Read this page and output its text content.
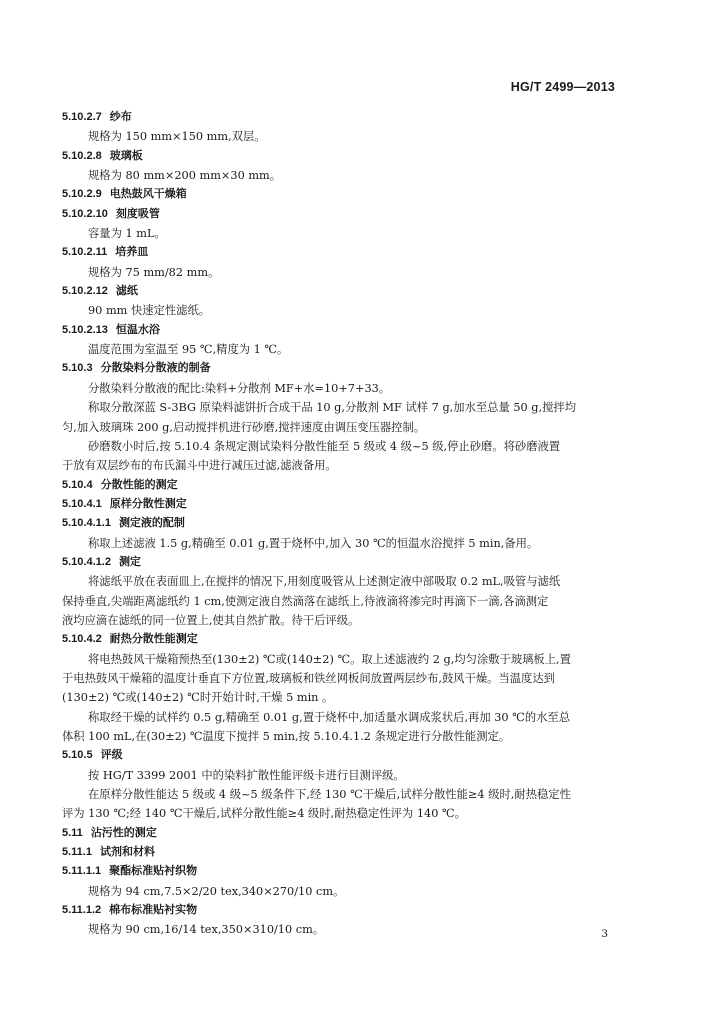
HG/T 2499—2013
5.10.2.7 纱布
规格为 150 mm×150 mm,双层。
5.10.2.8 玻璃板
规格为 80 mm×200 mm×30 mm。
5.10.2.9 电热鼓风干燥箱
5.10.2.10 刻度吸管
容量为 1 mL。
5.10.2.11 培养皿
规格为 75 mm/82 mm。
5.10.2.12 滤纸
90 mm 快速定性滤纸。
5.10.2.13 恒温水浴
温度范围为室温至 95 ℃,精度为 1 ℃。
5.10.3 分散染料分散液的制备
分散染料分散液的配比:染料+分散剂 MF+水=10+7+33。
称取分散深蓝 S-3BG 原染料滤饼折合成干品 10 g,分散剂 MF 试样 7 g,加水至总量 50 g,搅拌均
匀,加入玻璃珠 200 g,启动搅拌机进行砂磨,搅拌速度由调压变压器控制。
砂磨数小时后,按 5.10.4 条规定测试染料分散性能至 5 级或 4 级~5 级,停止砂磨。将砂磨液置
于放有双层纱布的布氏漏斗中进行减压过滤,滤液备用。
5.10.4 分散性能的测定
5.10.4.1 原样分散性测定
5.10.4.1.1 测定液的配制
称取上述滤液 1.5 g,精确至 0.01 g,置于烧杯中,加入 30 ℃的恒温水浴搅拌 5 min,备用。
5.10.4.1.2 测定
将滤纸平放在表面皿上,在搅拌的情况下,用刻度吸管从上述测定液中部吸取 0.2 mL,吸管与滤纸
保持垂直,尖端距离滤纸约 1 cm,使测定液自然滴落在滤纸上,待液滴将渗完时再滴下一滴,各滴测定
液均应滴在滤纸的同一位置上,使其自然扩散。待干后评级。
5.10.4.2 耐热分散性能测定
将电热鼓风干燥箱预热至(130±2) ℃或(140±2) ℃。取上述滤液约 2 g,均匀涂敷于玻璃板上,置
于电热鼓风干燥箱的温度计垂直下方位置,玻璃板和铁丝网板间放置两层纱布,鼓风干燥。当温度达到
(130±2) ℃或(140±2) ℃时开始计时,干燥 5 min 。
称取经干燥的试样约 0.5 g,精确至 0.01 g,置于烧杯中,加适量水调成浆状后,再加 30 ℃的水至总
体积 100 mL,在(30±2) ℃温度下搅拌 5 min,按 5.10.4.1.2 条规定进行分散性能测定。
5.10.5 评级
按 HG/T 3399 2001 中的染料扩散性能评级卡进行目测评级。
在原样分散性能达 5 级或 4 级~5 级条件下,经 130 ℃干燥后,试样分散性能≥4 级时,耐热稳定性
评为 130 ℃;经 140 ℃干燥后,试样分散性能≥4 级时,耐热稳定性评为 140 ℃。
5.11 沾污性的测定
5.11.1 试剂和材料
5.11.1.1 聚酯标准贴衬织物
规格为 94 cm,7.5×2/20 tex,340×270/10 cm。
5.11.1.2 棉布标准贴衬实物
规格为 90 cm,16/14 tex,350×310/10 cm。	3
